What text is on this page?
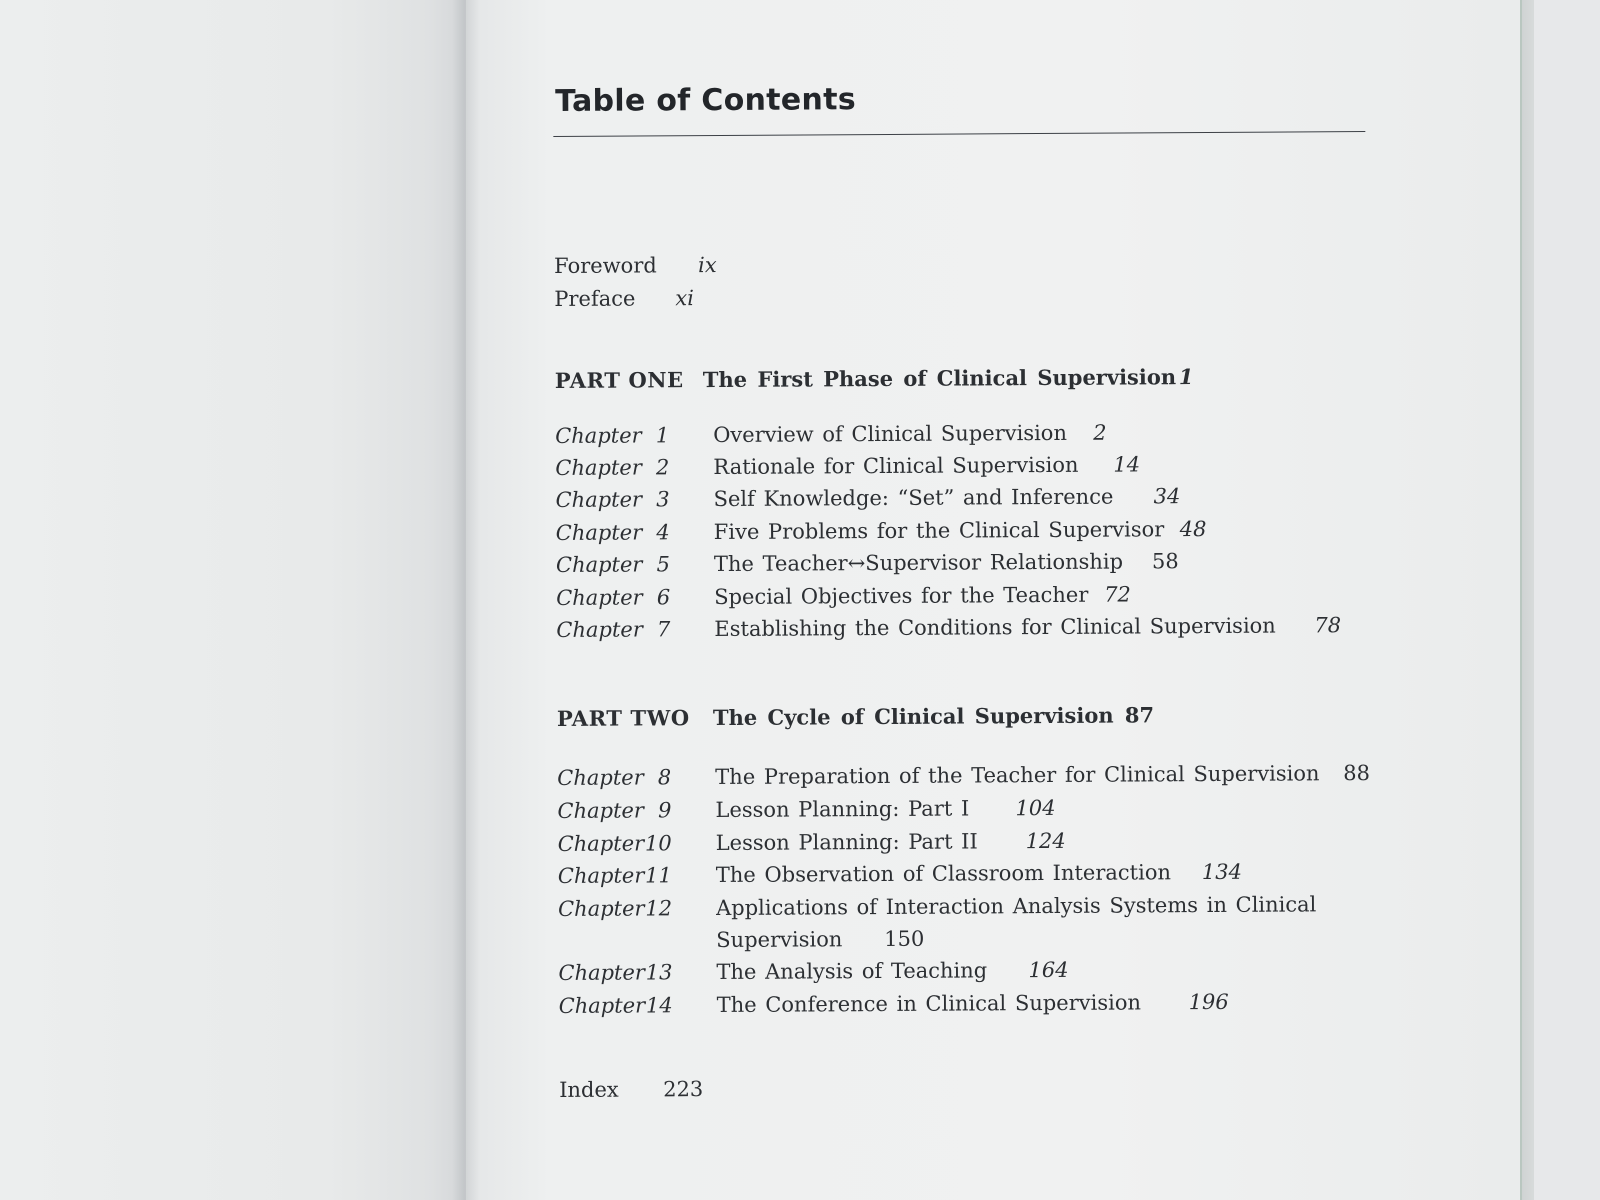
Table of Contents
Foreword ix
Preface xi
PART ONE The First Phase of Clinical Supervision 1
Chapter 1 Overview of Clinical Supervision 2
Chapter 2 Rationale for Clinical Supervision 14
Chapter 3 Self Knowledge: “Set” and Inference 34
Chapter 4 Five Problems for the Clinical Supervisor 48
Chapter 5 The Teacher↔Supervisor Relationship 58
Chapter 6 Special Objectives for the Teacher 72
Chapter 7 Establishing the Conditions for Clinical Supervision 78
PART TWO The Cycle of Clinical Supervision 87
Chapter 8 The Preparation of the Teacher for Clinical Supervision 88
Chapter 9 Lesson Planning: Part I 104
Chapter 10 Lesson Planning: Part II 124
Chapter 11 The Observation of Classroom Interaction 134
Chapter 12 Applications of Interaction Analysis Systems in Clinical
Supervision 150
Chapter 13 The Analysis of Teaching 164
Chapter 14 The Conference in Clinical Supervision 196
Index 223
